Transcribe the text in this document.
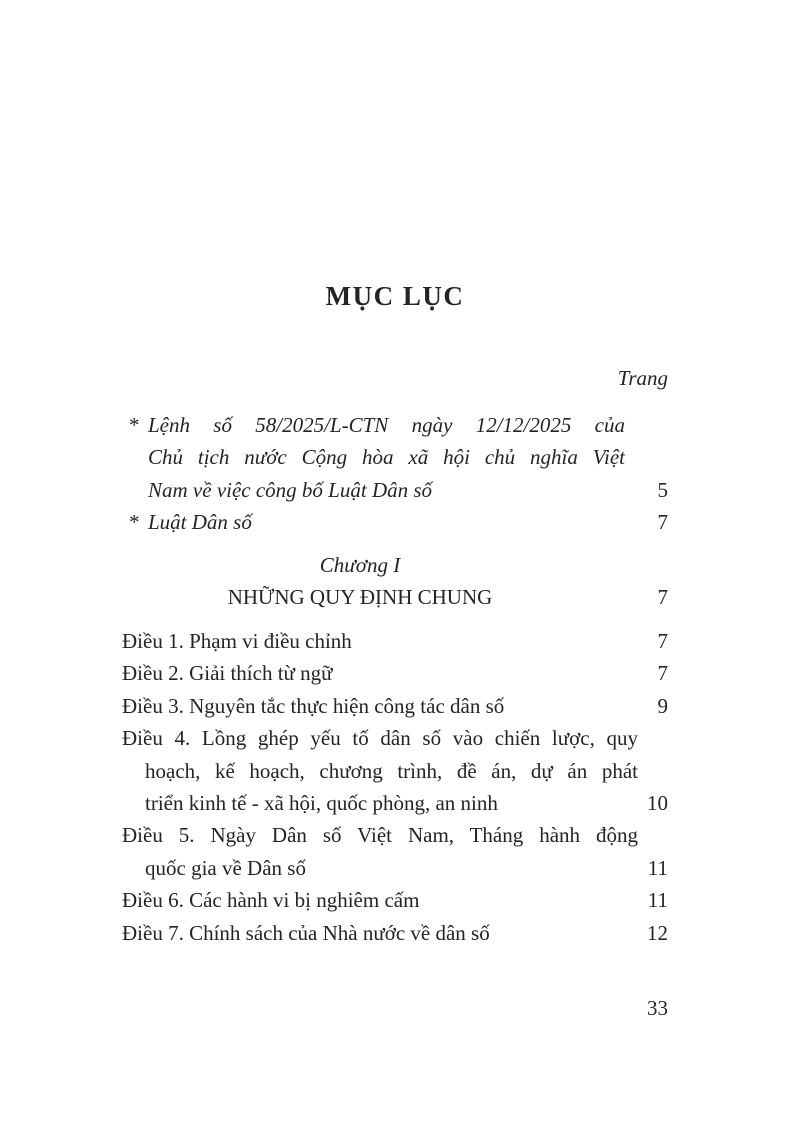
MỤC LỤC
Trang
* Lệnh số 58/2025/L-CTN ngày 12/12/2025 của
Chủ tịch nước Cộng hòa xã hội chủ nghĩa Việt
Nam về việc công bố Luật Dân số	5
* Luật Dân số	7
Chương I
NHỮNG QUY ĐỊNH CHUNG	7
Điều 1. Phạm vi điều chỉnh	7
Điều 2. Giải thích từ ngữ	7
Điều 3. Nguyên tắc thực hiện công tác dân số	9
Điều 4. Lồng ghép yếu tố dân số vào chiến lược, quy
hoạch, kế hoạch, chương trình, đề án, dự án phát
triển kinh tế - xã hội, quốc phòng, an ninh	10
Điều 5. Ngày Dân số Việt Nam, Tháng hành động
quốc gia về Dân số	11
Điều 6. Các hành vi bị nghiêm cấm	11
Điều 7. Chính sách của Nhà nước về dân số	12
33
